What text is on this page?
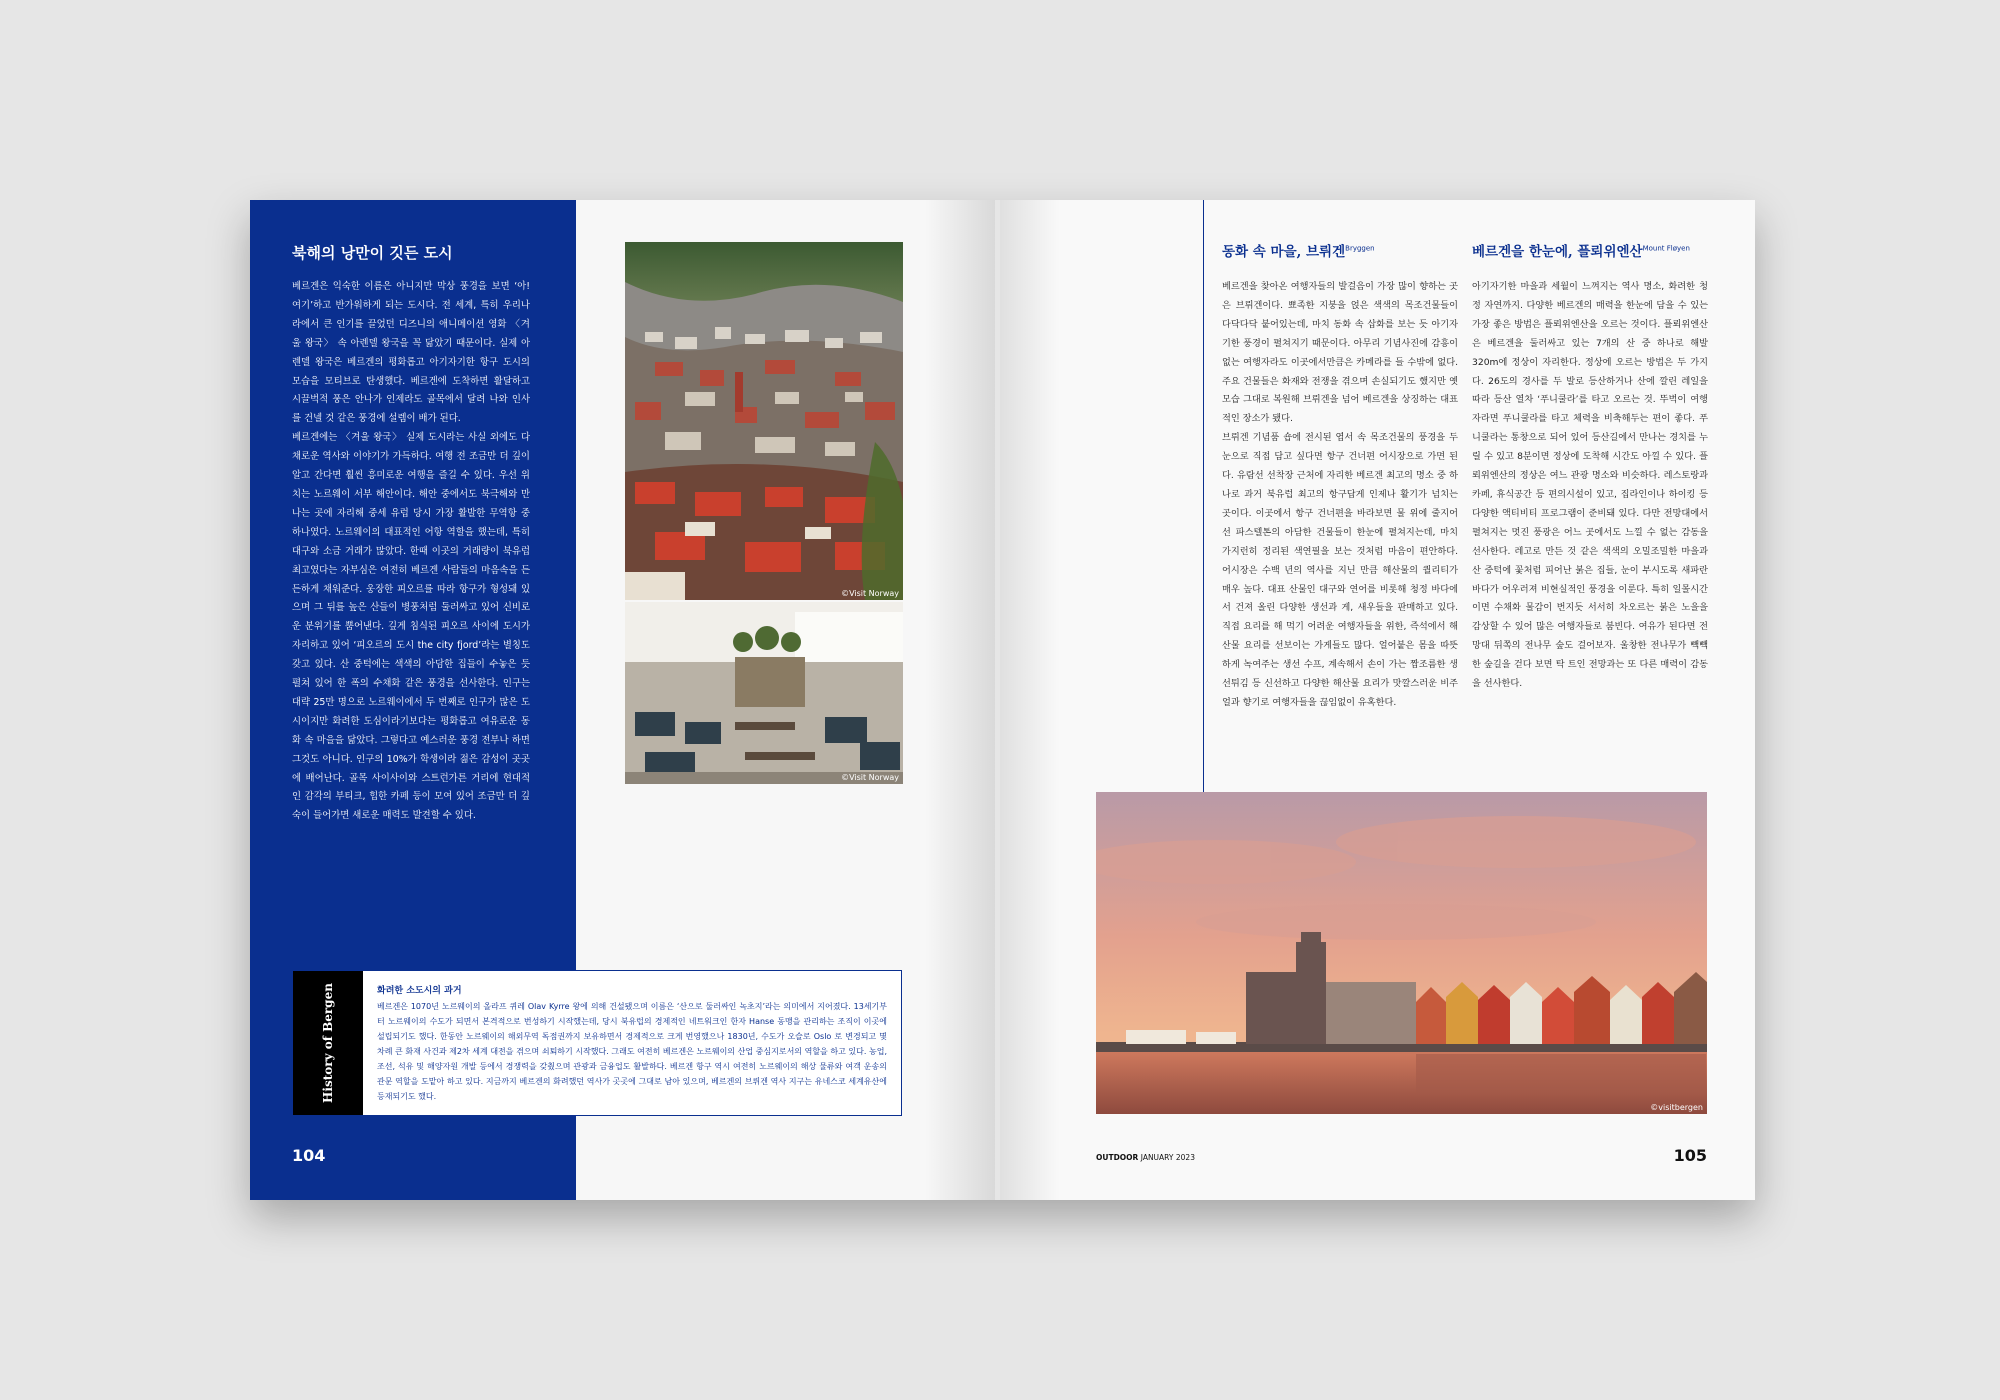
북해의 낭만이 깃든 도시

베르겐은 익숙한 이름은 아니지만 막상 풍경을 보면 ‘아! 여기’하고 반가워하게 되는 도시다. 전 세계, 특히 우리나라에서 큰 인기를 끌었던 디즈니의 애니메이션 영화 〈겨울 왕국〉 속 아렌델 왕국을 꼭 닮았기 때문이다. 실제 아렌델 왕국은 베르겐의 평화롭고 아기자기한 항구 도시의 모습을 모티브로 탄생했다. 베르겐에 도착하면 활달하고 시끌벅적 풍은 안나가 인제라도 골목에서 달려 나와 인사를 건넬 것 같은 풍경에 설렘이 배가 된다.

베르겐에는 〈겨울 왕국〉 실제 도시라는 사실 외에도 다채로운 역사와 이야기가 가득하다. 여행 전 조금만 더 깊이 알고 간다면 훨씬 흥미로운 여행을 즐길 수 있다. 우선 위치는 노르웨이 서부 해안이다. 해안 중에서도 북극해와 만나는 곳에 자리해 중세 유럽 당시 가장 활발한 무역항 중 하나였다. 노르웨이의 대표적인 어항 역할을 했는데, 특히 대구와 소금 거래가 많았다. 한때 이곳의 거래량이 북유럽 최고였다는 자부심은 여전히 베르겐 사람들의 마음속을 든든하게 채워준다. 웅장한 피오르를 따라 항구가 형성돼 있으며 그 뒤를 높은 산들이 병풍처럼 둘러싸고 있어 신비로운 분위기를 뿜어낸다. 깊게 침식된 피오르 사이에 도시가 자리하고 있어 ‘피오르의 도시 the city fjord’라는 별칭도 갖고 있다. 산 중턱에는 색색의 아담한 집들이 수놓은 듯 펼쳐 있어 한 폭의 수채화 같은 풍경을 선사한다. 인구는 대략 25만 명으로 노르웨이에서 두 번째로 인구가 많은 도시이지만 화려한 도심이라기보다는 평화롭고 여유로운 동화 속 마을을 닮았다. 그렇다고 예스러운 풍경 전부나 하면 그것도 아니다. 인구의 10%가 학생이라 젊은 감성이 곳곳에 배어난다. 골목 사이사이와 스트런가튼 거리에 현대적인 감각의 부티크, 힙한 카페 등이 모여 있어 조금만 더 깊숙이 들어가면 새로운 매력도 발견할 수 있다.

104
©Visit Norway
©Visit Norway
History of Bergen	화려한 소도시의 과거
베르겐은 1070년 노르웨이의 올라프 퀴레 Olav Kyrre 왕에 의해 건설됐으며 이름은 ‘산으로 둘러싸인 녹초지’라는 의미에서 지어졌다. 13세기부터 노르웨이의 수도가 되면서 본격적으로 번성하기 시작했는데, 당시 북유럽의 경제적인 네트워크인 한자 Hanse 동맹을 관리하는 조직이 이곳에 설립되기도 했다. 한동안 노르웨이의 해외무역 독점권까지 보유하면서 경제적으로 크게 번영했으나 1830년, 수도가 오슬로 Oslo 로 변경되고 몇 차례 큰 화재 사건과 제2차 세계 대전을 겪으며 쇠퇴하기 시작했다. 그래도 여전히 베르겐은 노르웨이의 산업 중심지로서의 역할을 하고 있다. 농업, 조선, 석유 및 해양자원 개발 등에서 경쟁력을 갖췄으며 관광과 금융업도 활발하다. 베르겐 항구 역시 여전히 노르웨이의 해상 물류와 여객 운송의 관문 역할을 도맡아 하고 있다. 지금까지 베르겐의 화려했던 역사가 곳곳에 그대로 남아 있으며, 베르겐의 브뤼겐 역사 지구는 유네스코 세계유산에 등재되기도 했다.
동화 속 마을, 브뤼겐$^{Bryggen}$

베르겐을 찾아온 여행자들의 발걸음이 가장 많이 향하는 곳은 브뤼겐이다. 뾰족한 지붕을 얹은 색색의 목조건물들이 다닥다닥 붙어있는데, 마치 동화 속 삽화를 보는 듯 아기자기한 풍경이 펼쳐지기 때문이다. 아무리 기념사진에 감흥이 없는 여행자라도 이곳에서만큼은 카메라를 들 수밖에 없다. 주요 건물들은 화재와 전쟁을 겪으며 손실되기도 했지만 옛 모습 그대로 복원해 브뤼겐을 넘어 베르겐을 상징하는 대표적인 장소가 됐다.

브뤼겐 기념품 숍에 전시된 엽서 속 목조건물의 풍경을 두 눈으로 직접 담고 싶다면 항구 건너편 어시장으로 가면 된다. 유람선 선착장 근처에 자리한 베르겐 최고의 명소 중 하나로 과거 북유럽 최고의 항구답게 인제나 활기가 넘치는 곳이다. 이곳에서 항구 건너편을 바라보면 물 위에 줄지어 선 파스텔톤의 아담한 건물들이 한눈에 펼쳐지는데, 마치 가지런히 정리된 색연필을 보는 것처럼 마음이 편안하다. 어시장은 수백 년의 역사를 지닌 만큼 해산물의 퀄리티가 매우 높다. 대표 산물인 대구와 연어를 비롯해 청정 바다에서 건져 올린 다양한 생선과 게, 새우들을 판매하고 있다. 직접 요리를 해 먹기 어려운 여행자들을 위한, 즉석에서 해산물 요리를 선보이는 가게들도 많다. 얼어붙은 몸을 따뜻하게 녹여주는 생선 수프, 계속해서 손이 가는 짭조름한 생선튀김 등 신선하고 다양한 해산물 요리가 맛깔스러운 비주얼과 향기로 여행자들을 끊임없이 유혹한다.

베르겐을 한눈에, 플뢰위엔산$^{Mount Fløyen}$

아기자기한 마을과 세월이 느껴지는 역사 명소, 화려한 청정 자연까지. 다양한 베르겐의 매력을 한눈에 담을 수 있는 가장 좋은 방법은 플뢰위엔산을 오르는 것이다. 플뢰위엔산은 베르겐을 둘러싸고 있는 7개의 산 중 하나로 해발 320m에 정상이 자리한다. 정상에 오르는 방법은 두 가지다. 26도의 경사를 두 발로 등산하거나 산에 깔린 레일을 따라 등산 열차 ‘푸니쿨라’를 타고 오르는 것. 뚜벅이 여행자라면 푸니쿨라를 타고 체력을 비축해두는 편이 좋다. 푸니쿨라는 통창으로 되어 있어 등산길에서 만나는 경치를 누릴 수 있고 8분이면 정상에 도착해 시간도 아낄 수 있다. 플뢰위엔산의 정상은 여느 관광 명소와 비슷하다. 레스토랑과 카페, 휴식공간 등 편의시설이 있고, 집라인이나 하이킹 등 다양한 액티비티 프로그램이 준비돼 있다. 다만 전망대에서 펼쳐지는 멋진 풍광은 어느 곳에서도 느낄 수 없는 감동을 선사한다. 레고로 만든 것 같은 색색의 오밀조밀한 마을과 산 중턱에 꽃처럼 피어난 붉은 집들, 눈이 부시도록 새파란 바다가 어우러져 비현실적인 풍경을 이룬다. 특히 일몰시간이면 수채화 물감이 번지듯 서서히 차오르는 붉은 노을을 감상할 수 있어 많은 여행자들로 붐빈다. 여유가 된다면 전망대 뒤쪽의 전나무 숲도 걸어보자. 울창한 전나무가 빽빽한 숲길을 걷다 보면 탁 트인 전망과는 또 다른 매력이 감동을 선사한다.

©visitbergen
OUTDOOR JANUARY 2023	105
